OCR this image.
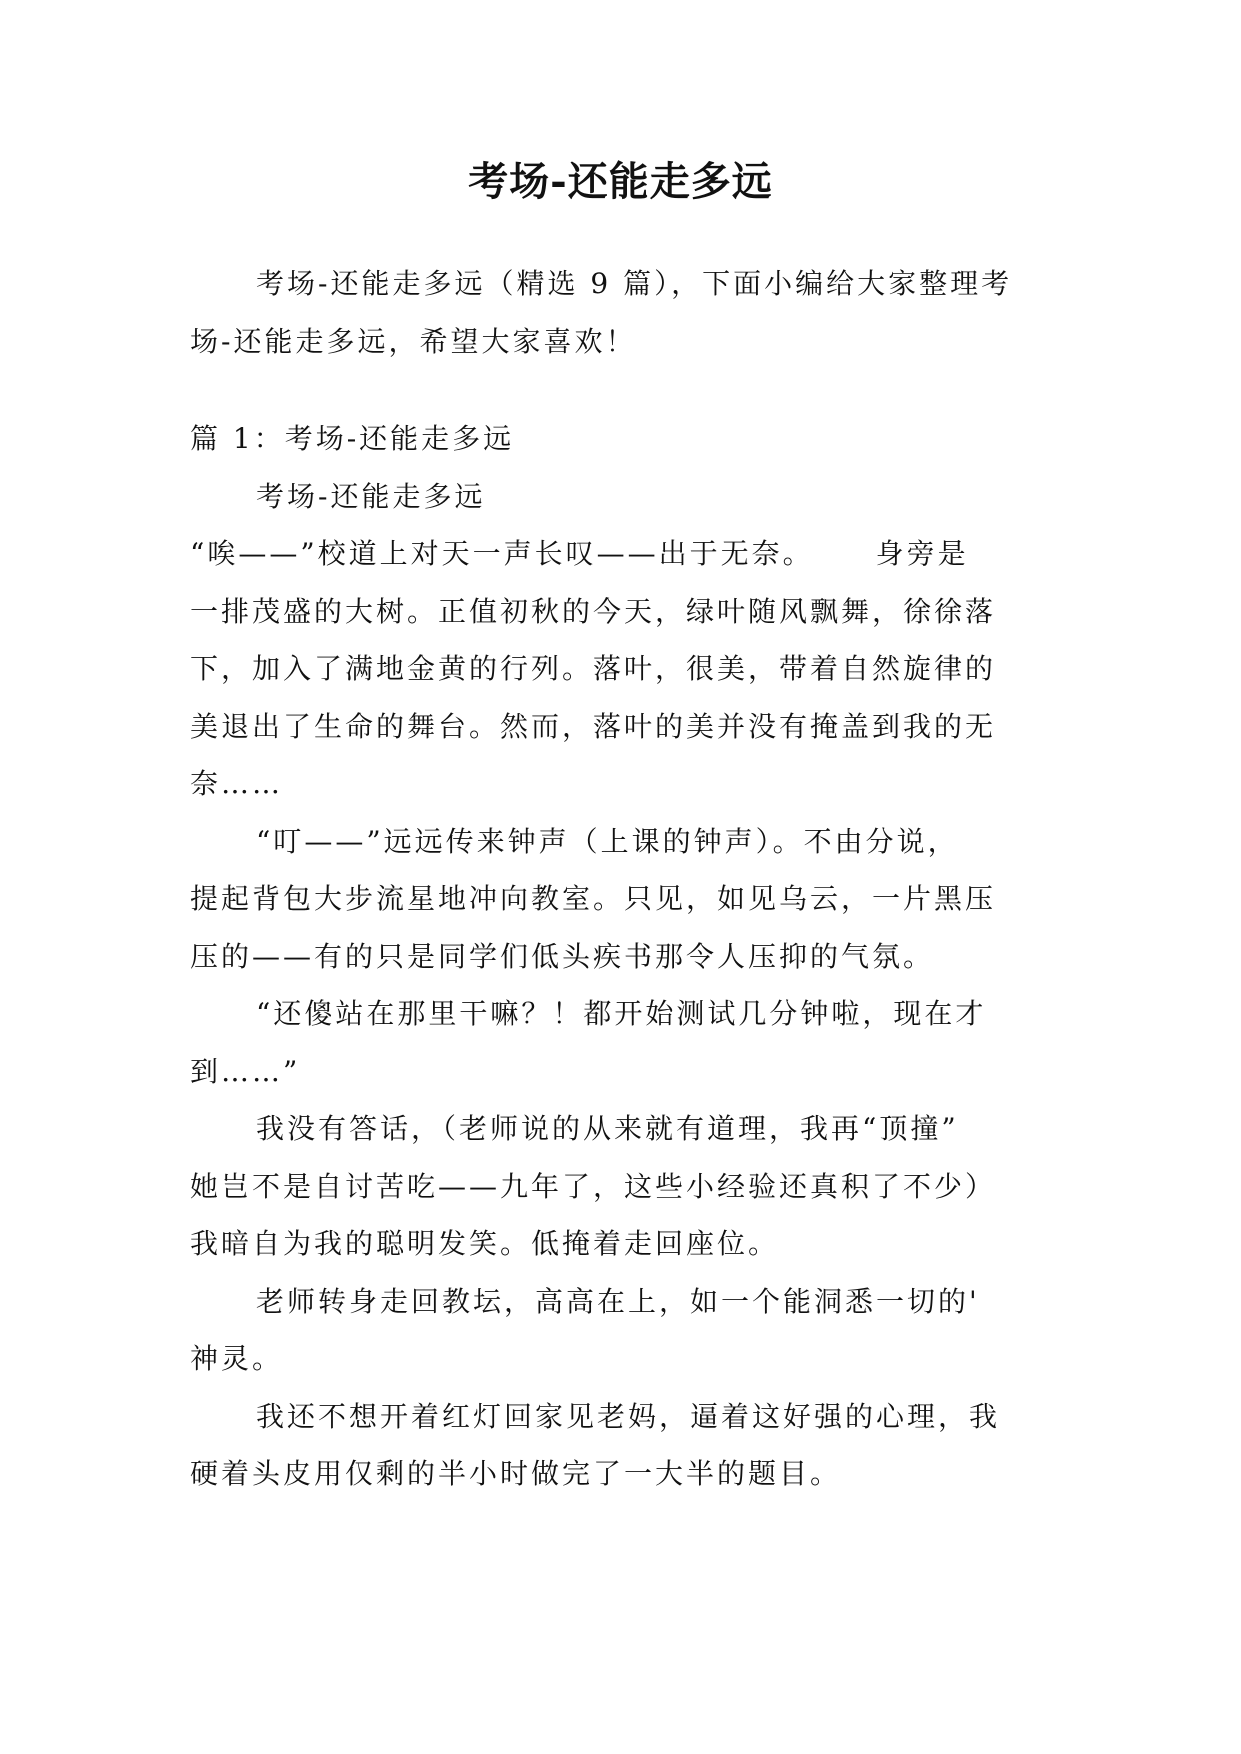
考场-还能走多远
考场-还能走多远（精选 9 篇），下面小编给大家整理考
场-还能走多远，希望大家喜欢！
篇 1：考场-还能走多远
考场-还能走多远
“唉——”校道上对天一声长叹——出于无奈。 身旁是
一排茂盛的大树。正值初秋的今天，绿叶随风飘舞，徐徐落
下，加入了满地金黄的行列。落叶，很美，带着自然旋律的
美退出了生命的舞台。然而，落叶的美并没有掩盖到我的无
奈……
“叮——”远远传来钟声（上课的钟声）。不由分说，
提起背包大步流星地冲向教室。只见，如见乌云，一片黑压
压的——有的只是同学们低头疾书那令人压抑的气氛。
“还傻站在那里干嘛？！都开始测试几分钟啦，现在才
到……”
我没有答话，（老师说的从来就有道理，我再“顶撞”
她岂不是自讨苦吃——九年了，这些小经验还真积了不少）
我暗自为我的聪明发笑。低掩着走回座位。
老师转身走回教坛，高高在上，如一个能洞悉一切的'
神灵。
我还不想开着红灯回家见老妈，逼着这好强的心理，我
硬着头皮用仅剩的半小时做完了一大半的题目。
